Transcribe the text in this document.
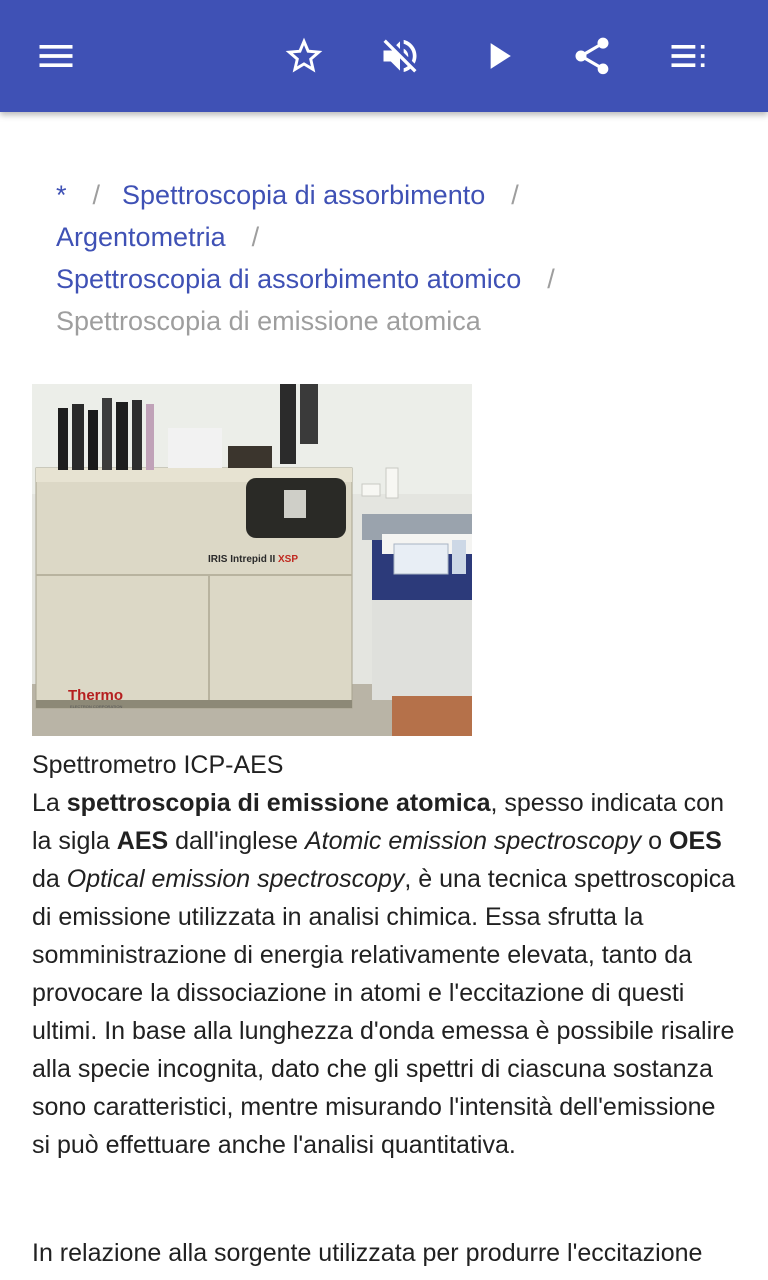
* / Spettroscopia di assorbimento /
Argentometria /
Spettroscopia di assorbimento atomico /
Spettroscopia di emissione atomica
IRIS Intrepid II XSP
Thermo
ELECTRON CORPORATION
Spettrometro ICP-AES

La spettroscopia di emissione atomica, spesso indicata con la sigla AES dall'inglese Atomic emission spectroscopy o OES da Optical emission spectroscopy, è una tecnica spettroscopica di emissione utilizzata in analisi chimica. Essa sfrutta la somministrazione di energia relativamente elevata, tanto da provocare la dissociazione in atomi e l'eccitazione di questi ultimi. In base alla lunghezza d'onda emessa è possibile risalire alla specie incognita, dato che gli spettri di ciascuna sostanza sono caratteristici, mentre misurando l'intensità dell'emissione si può effettuare anche l'analisi quantitativa.

In relazione alla sorgente utilizzata per produrre l'eccitazione
